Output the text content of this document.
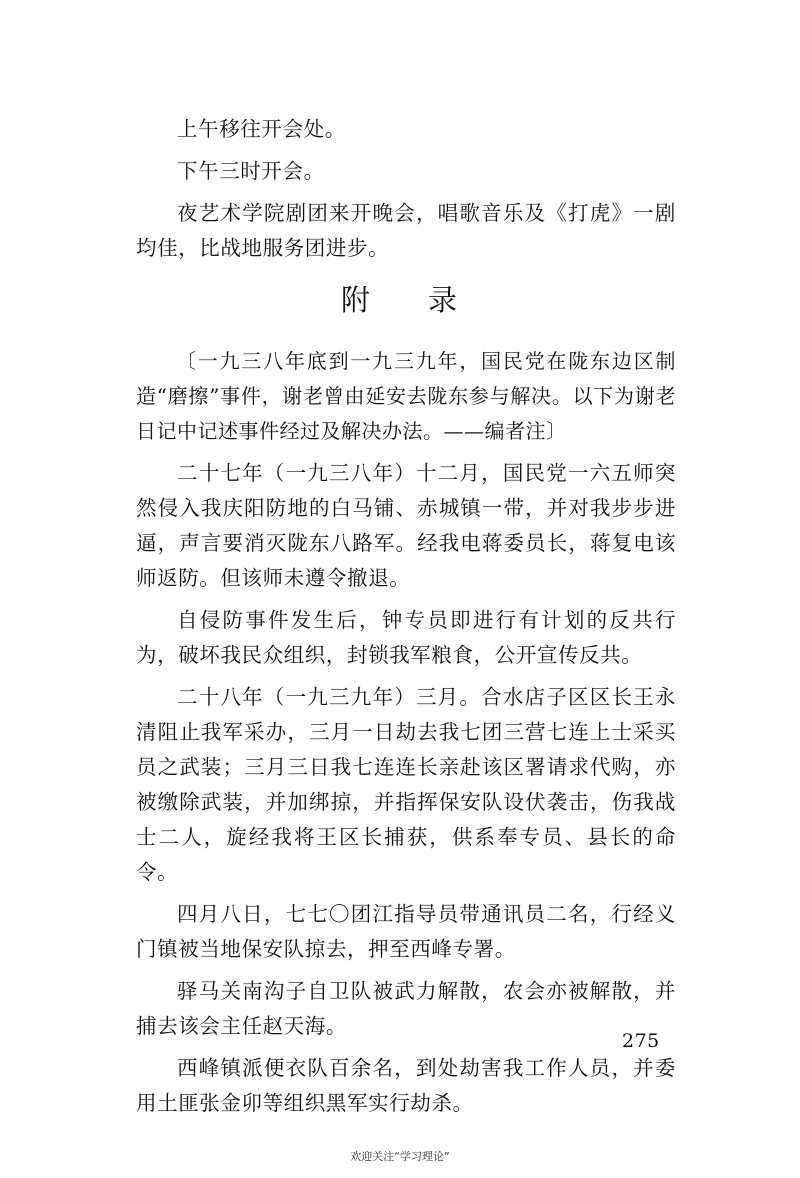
上午移往开会处。

下午三时开会。

夜艺术学院剧团来开晚会，唱歌音乐及《打虎》一剧均佳，比战地服务团进步。

附 录

〔一九三八年底到一九三九年，国民党在陇东边区制造“磨擦”事件，谢老曾由延安去陇东参与解决。以下为谢老日记中记述事件经过及解决办法。——编者注〕

二十七年（一九三八年）十二月，国民党一六五师突然侵入我庆阳防地的白马铺、赤城镇一带，并对我步步进逼，声言要消灭陇东八路军。经我电蒋委员长，蒋复电该师返防。但该师未遵令撤退。

自侵防事件发生后，钟专员即进行有计划的反共行为，破坏我民众组织，封锁我军粮食，公开宣传反共。

二十八年（一九三九年）三月。合水店子区区长王永清阻止我军采办，三月一日劫去我七团三营七连上士采买员之武装；三月三日我七连连长亲赴该区署请求代购，亦被缴除武装，并加绑掠，并指挥保安队设伏袭击，伤我战士二人，旋经我将王区长捕获，供系奉专员、县长的命令。

四月八日，七七〇团江指导员带通讯员二名，行经义门镇被当地保安队掠去，押至西峰专署。

驿马关南沟子自卫队被武力解散，农会亦被解散，并捕去该会主任赵天海。

西峰镇派便衣队百余名，到处劫害我工作人员，并委用土匪张金卯等组织黑军实行劫杀。

275
欢迎关注“学习理论”
